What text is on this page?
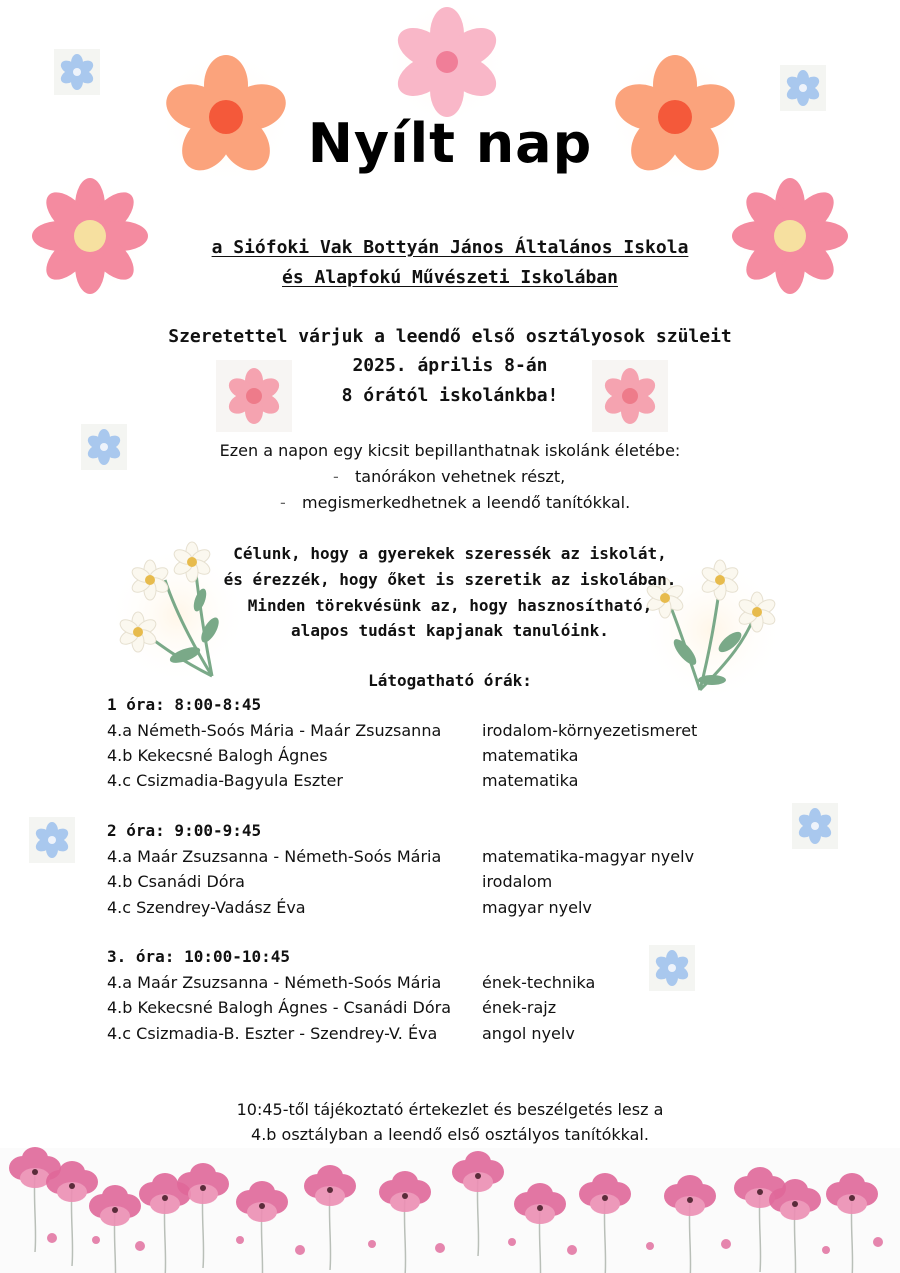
Nyílt nap
a Siófoki Vak Bottyán János Általános Iskola
és Alapfokú Művészeti Iskolában
Szeretettel várjuk a leendő első osztályosok szüleit
2025. április 8-án
8 órától iskolánkba!
Ezen a napon egy kicsit bepillanthatnak iskolánk életébe:
- tanórákon vehetnek részt,
- megismerkedhetnek a leendő tanítókkal.
Célunk, hogy a gyerekek szeressék az iskolát,
és érezzék, hogy őket is szeretik az iskolában.
Minden törekvésünk az, hogy hasznosítható,
alapos tudást kapjanak tanulóink.
Látogatható órák:
1 óra: 8:00-8:45
4.a Németh-Soós Mária - Maár Zsuzsanna	irodalom-környezetismeret
4.b Kekecsné Balogh Ágnes	matematika
4.c Csizmadia-Bagyula Eszter	matematika
2 óra: 9:00-9:45
4.a Maár Zsuzsanna - Németh-Soós Mária	matematika-magyar nyelv
4.b Csanádi Dóra	irodalom
4.c Szendrey-Vadász Éva	magyar nyelv
3. óra: 10:00-10:45
4.a Maár Zsuzsanna - Németh-Soós Mária	ének-technika
4.b Kekecsné Balogh Ágnes - Csanádi Dóra ének-rajz
4.c Csizmadia-B. Eszter - Szendrey-V. Éva	angol nyelv
10:45-től tájékoztató értekezlet és beszélgetés lesz a
4.b osztályban a leendő első osztályos tanítókkal.
